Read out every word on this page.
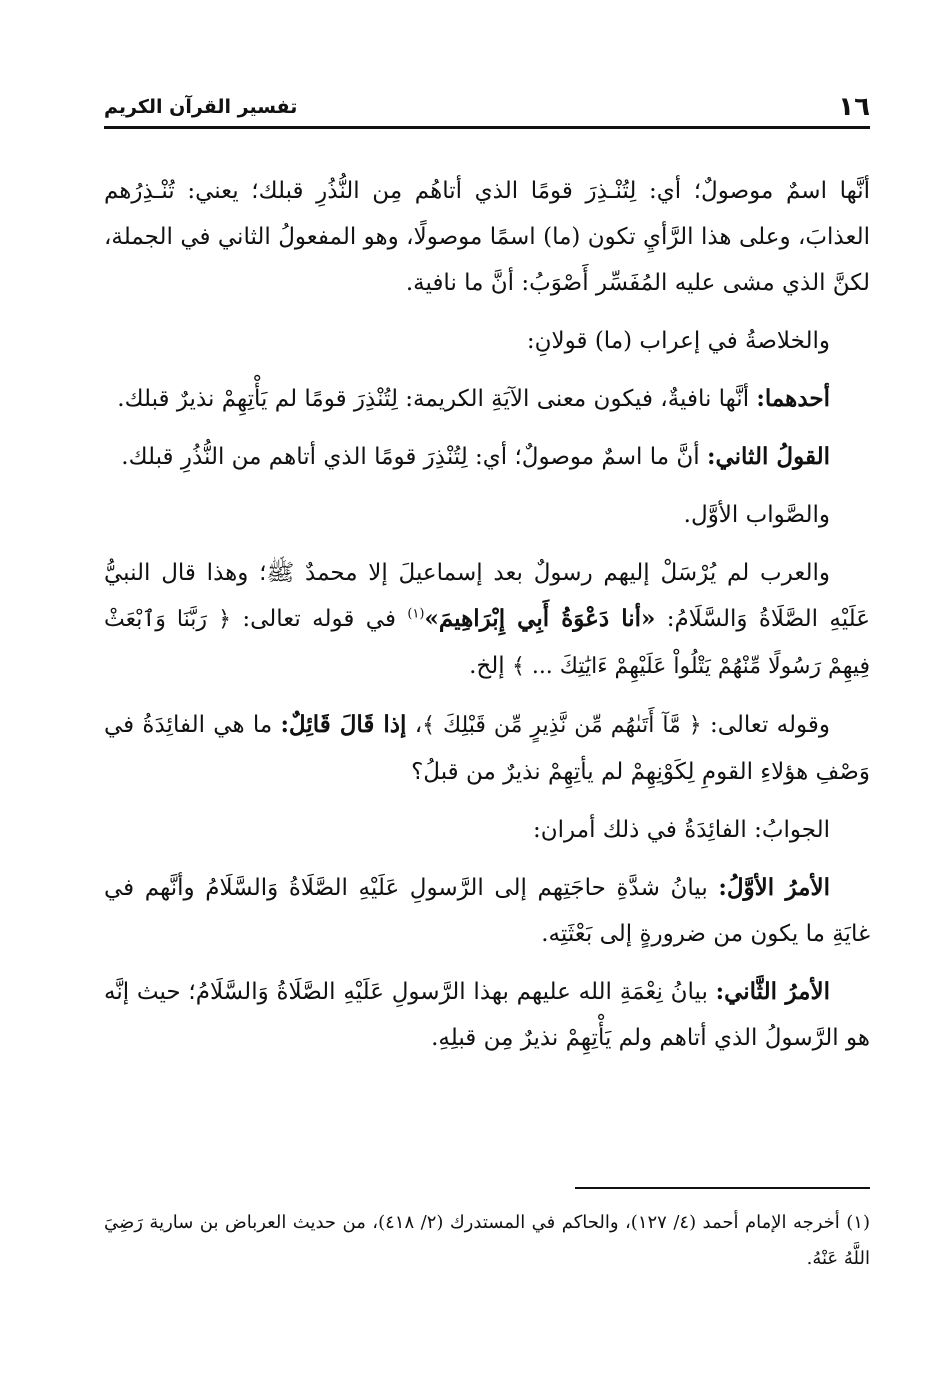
١٦
تفسير القرآن الكريم

أنَّها اسمٌ موصولٌ؛ أي: لِتُنْـذِرَ قومًا الذي أتاهُم مِن النُّذُرِ قبلك؛ يعني: تُنْـذِرُهم العذابَ، وعلى هذا الرَّأيِ تكون (ما) اسمًا موصولًا، وهو المفعولُ الثاني في الجملة، لكنَّ الذي مشى عليه المُفَسِّر أَصْوَبُ: أنَّ ما نافية.

والخلاصةُ في إعراب (ما) قولانِ:

أحدهما: أنَّها نافيةٌ، فيكون معنى الآيَةِ الكريمة: لِتُنْذِرَ قومًا لم يَأْتِهِمْ نذيرٌ قبلك.

القولُ الثاني: أنَّ ما اسمٌ موصولٌ؛ أي: لِتُنْذِرَ قومًا الذي أتاهم من النُّذُرِ قبلك.

والصَّواب الأوَّل.

والعرب لم يُرْسَلْ إليهم رسولٌ بعد إسماعيلَ إلا محمدٌ ﷺ؛ وهذا قال النبيُّ عَلَيْهِ الصَّلَاةُ وَالسَّلَامُ: «أنا دَعْوَةُ أَبِي إِبْرَاهِيمَ»$^{(١)}$ في قوله تعالى: ﴿ رَبَّنَا وَٱبْعَثْ فِيهِمْ رَسُولًا مِّنْهُمْ يَتْلُواْ عَلَيْهِمْ ءَايَٰتِكَ ... ﴾ إلخ.

وقوله تعالى: ﴿ مَّآ أَتَىٰهُم مِّن نَّذِيرٍ مِّن قَبْلِكَ ﴾، إذا قَالَ قَائِلٌ: ما هي الفائِدَةُ في وَصْفِ هؤلاءِ القومِ لِكَوْنِهِمْ لم يأتِهِمْ نذيرٌ من قبلُ؟

الجوابُ: الفائِدَةُ في ذلك أمران:

الأمرُ الأوَّلُ: بيانُ شدَّةِ حاجَتِهم إلى الرَّسولِ عَلَيْهِ الصَّلَاةُ وَالسَّلَامُ وأنَّهم في غايَةِ ما يكون من ضرورةٍ إلى بَعْثَتِه.

الأمرُ الثَّاني: بيانُ نِعْمَةِ الله عليهم بهذا الرَّسولِ عَلَيْهِ الصَّلَاةُ وَالسَّلَامُ؛ حيث إنَّه هو الرَّسولُ الذي أتاهم ولم يَأْتِهِمْ نذيرٌ مِن قبلِهِ.

(١) أخرجه الإمام أحمد (٤/ ١٢٧)، والحاكم في المستدرك (٢/ ٤١٨)، من حديث العرباض بن سارية رَضِيَ اللَّهُ عَنْهُ.
